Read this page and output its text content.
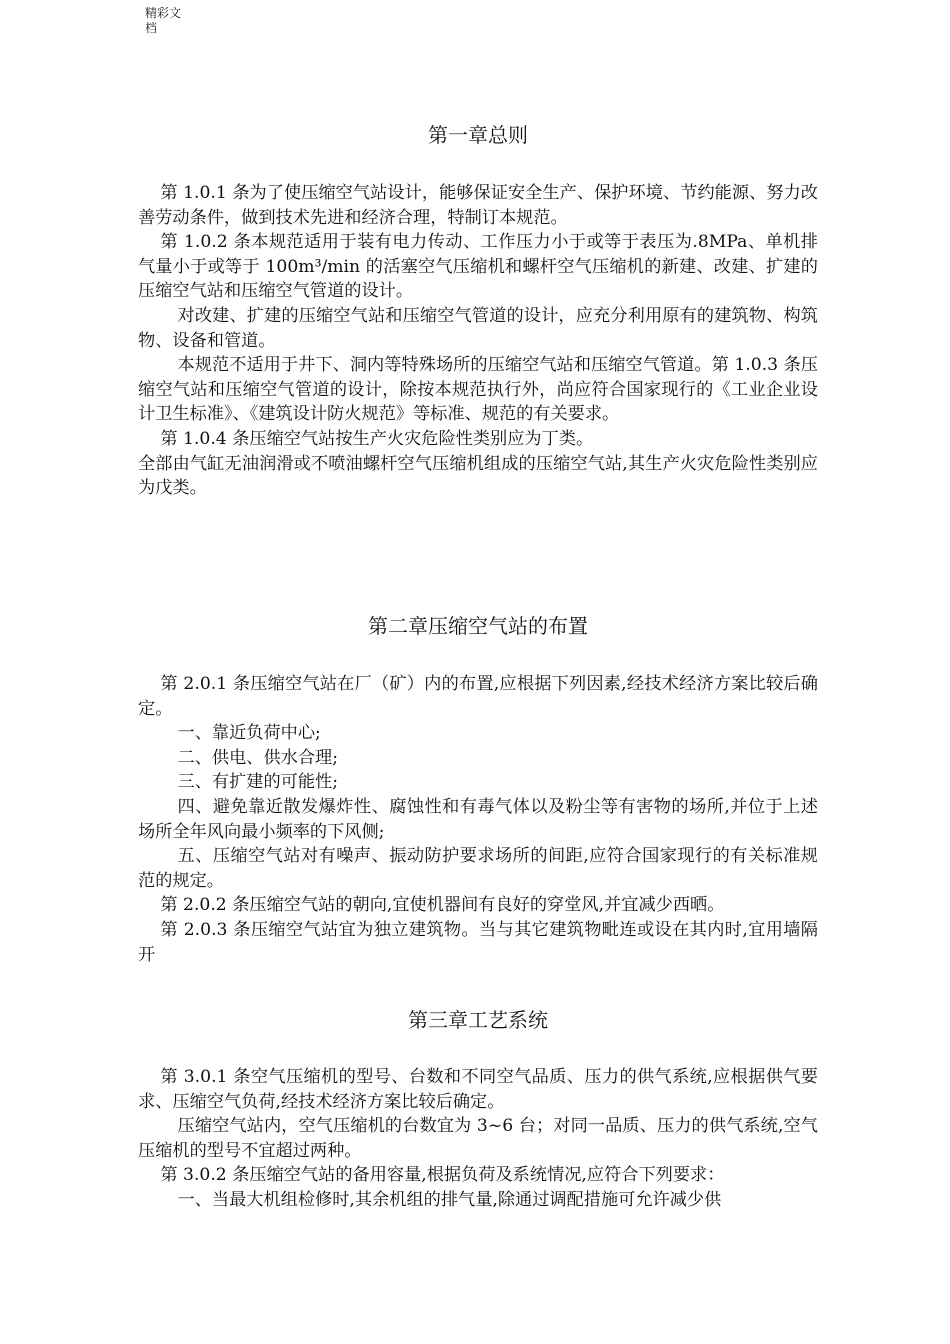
精彩文档
第一章总则

第 1.0.1 条为了使压缩空气站设计，能够保证安全生产、保护环境、节约能源、努力改善劳动条件，做到技术先进和经济合理，特制订本规范。

第 1.0.2 条本规范适用于装有电力传动、工作压力小于或等于表压为.8MPa、单机排气量小于或等于 100m³/min 的活塞空气压缩机和螺杆空气压缩机的新建、改建、扩建的压缩空气站和压缩空气管道的设计。

对改建、扩建的压缩空气站和压缩空气管道的设计，应充分利用原有的建筑物、构筑物、设备和管道。

本规范不适用于井下、洞内等特殊场所的压缩空气站和压缩空气管道。第 1.0.3 条压缩空气站和压缩空气管道的设计，除按本规范执行外，尚应符合国家现行的《工业企业设计卫生标准》、《建筑设计防火规范》等标准、规范的有关要求。

第 1.0.4 条压缩空气站按生产火灾危险性类别应为丁类。

全部由气缸无油润滑或不喷油螺杆空气压缩机组成的压缩空气站,其生产火灾危险性类别应为戊类。

第二章压缩空气站的布置

第 2.0.1 条压缩空气站在厂（矿）内的布置,应根据下列因素,经技术经济方案比较后确定。

一、靠近负荷中心;

二、供电、供水合理;

三、有扩建的可能性;

四、避免靠近散发爆炸性、腐蚀性和有毒气体以及粉尘等有害物的场所,并位于上述场所全年风向最小频率的下风侧;

五、压缩空气站对有噪声、振动防护要求场所的间距,应符合国家现行的有关标准规范的规定。

第 2.0.2 条压缩空气站的朝向,宜使机器间有良好的穿堂风,并宜减少西晒。

第 2.0.3 条压缩空气站宜为独立建筑物。当与其它建筑物毗连或设在其内时,宜用墙隔开

第三章工艺系统

第 3.0.1 条空气压缩机的型号、台数和不同空气品质、压力的供气系统,应根据供气要求、压缩空气负荷,经技术经济方案比较后确定。

压缩空气站内，空气压缩机的台数宜为 3~6 台；对同一品质、压力的供气系统,空气压缩机的型号不宜超过两种。

第 3.0.2 条压缩空气站的备用容量,根据负荷及系统情况,应符合下列要求：

一、当最大机组检修时,其余机组的排气量,除通过调配措施可允许减少供
